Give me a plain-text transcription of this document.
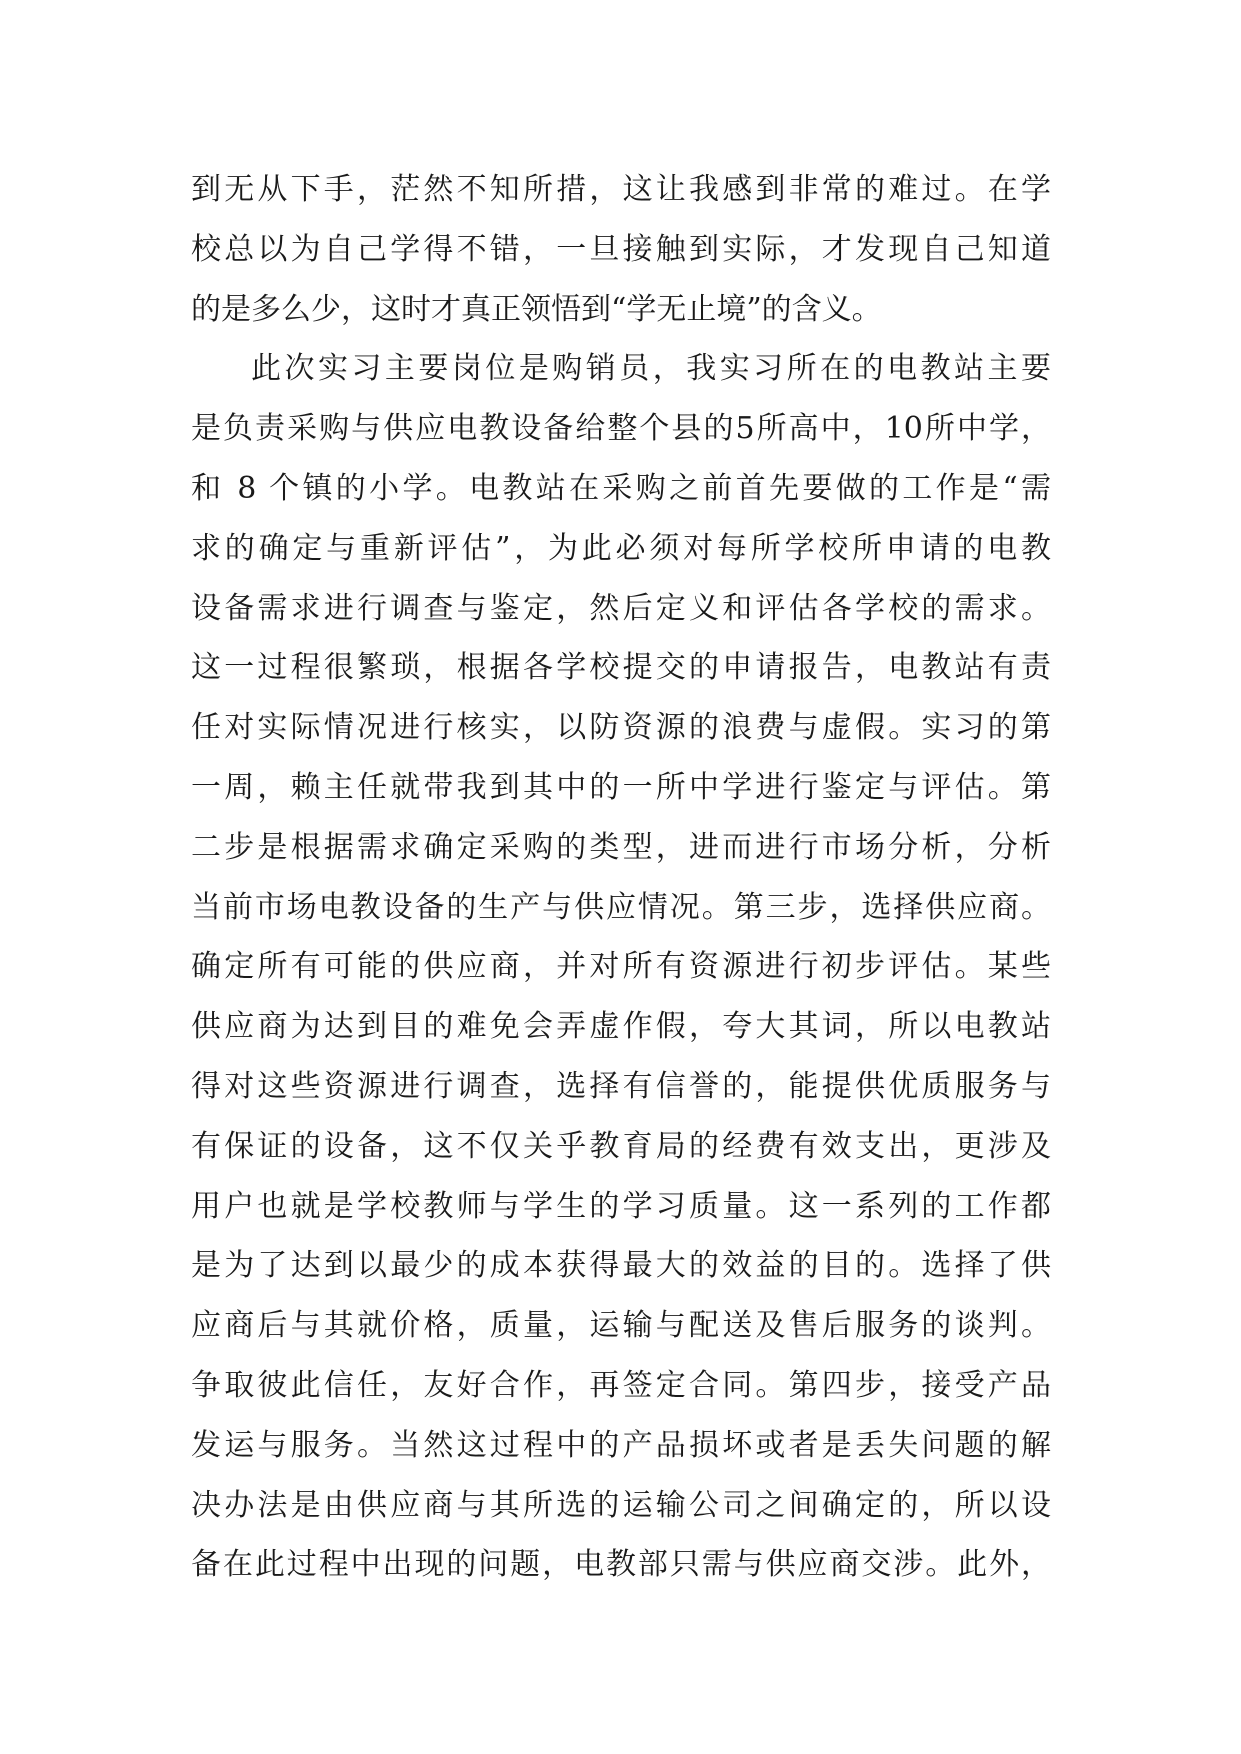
到无从下手，茫然不知所措，这让我感到非常的难过。在学
校总以为自己学得不错，一旦接触到实际，才发现自己知道
的是多么少，这时才真正领悟到“学无止境”的含义。
此次实习主要岗位是购销员，我实习所在的电教站主要
是负责采购与供应电教设备给整个县的5所高中，10所中学，
和 8 个镇的小学。电教站在采购之前首先要做的工作是“需
求的确定与重新评估”，为此必须对每所学校所申请的电教
设备需求进行调查与鉴定，然后定义和评估各学校的需求。
这一过程很繁琐，根据各学校提交的申请报告，电教站有责
任对实际情况进行核实，以防资源的浪费与虚假。实习的第
一周，赖主任就带我到其中的一所中学进行鉴定与评估。第
二步是根据需求确定采购的类型，进而进行市场分析，分析
当前市场电教设备的生产与供应情况。第三步，选择供应商。
确定所有可能的供应商，并对所有资源进行初步评估。某些
供应商为达到目的难免会弄虚作假，夸大其词，所以电教站
得对这些资源进行调查，选择有信誉的，能提供优质服务与
有保证的设备，这不仅关乎教育局的经费有效支出，更涉及
用户也就是学校教师与学生的学习质量。这一系列的工作都
是为了达到以最少的成本获得最大的效益的目的。选择了供
应商后与其就价格，质量，运输与配送及售后服务的谈判。
争取彼此信任，友好合作，再签定合同。第四步，接受产品
发运与服务。当然这过程中的产品损坏或者是丢失问题的解
决办法是由供应商与其所选的运输公司之间确定的，所以设
备在此过程中出现的问题，电教部只需与供应商交涉。此外，
